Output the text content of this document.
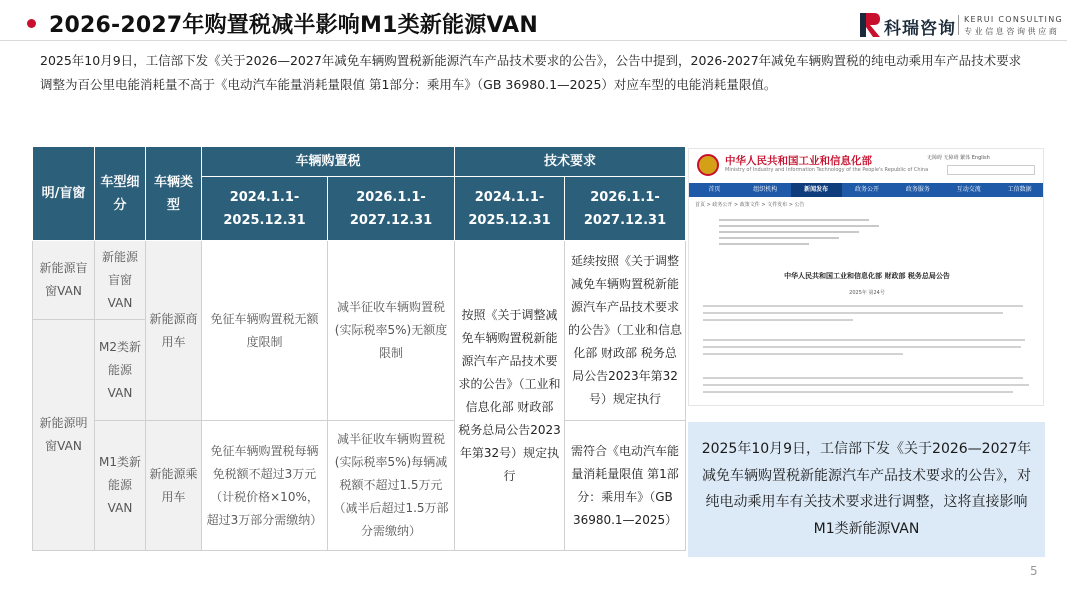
2026-2027年购置税减半影响M1类新能源VAN	科瑞咨询 KERUI CONSULTING
专业信息咨询供应商
2025年10月9日，工信部下发《关于2026—2027年减免车辆购置税新能源汽车产品技术要求的公告》，公告中提到，2026-2027年减免车辆购置税的纯电动乘用车产品技术要求调整为百公里电能消耗量不高于《电动汽车能量消耗量限值 第1部分：乘用车》（GB 36980.1—2025）对应车型的电能消耗量限值。
明/盲窗	车型细分	车辆类型	车辆购置税		技术要求	
			2024.1.1-2025.12.31	2026.1.1-2027.12.31	2024.1.1-2025.12.31	2026.1.1-2027.12.31
新能源盲窗VAN	新能源盲窗VAN	新能源商用车	免征车辆购置税无额度限制	减半征收车辆购置税(实际税率5%)无额度限制	按照《关于调整减免车辆购置税新能源汽车产品技术要求的公告》（工业和信息化部 财政部 税务总局公告2023年第32号）规定执行	延续按照《关于调整减免车辆购置税新能源汽车产品技术要求的公告》（工业和信息化部 财政部 税务总局公告2023年第32号）规定执行
新能源明窗VAN	M2类新能源VAN					
	M1类新能源VAN	新能源乘用车	免征车辆购置税每辆免税额不超过3万元（计税价格×10%，超过3万部分需缴纳）	减半征收车辆购置税(实际税率5%)每辆减税额不超过1.5万元（减半后超过1.5万部分需缴纳）		需符合《电动汽车能量消耗量限值 第1部分：乘用车》（GB 36980.1—2025）
中华人民共和国工业和信息化部
Ministry of Industry and Information Technology of the People's Republic of China
无障碍 无障碍 繁体 English
首页	组织机构	新闻发布	政务公开	政务服务	互动交流	工信数据
首页 > 政务公开 > 政策文件 > 文件发布 > 公告
中华人民共和国工业和信息化部 财政部 税务总局公告
2025年 第24号
2025年10月9日，工信部下发《关于2026—2027年减免车辆购置税新能源汽车产品技术要求的公告》，对纯电动乘用车有关技术要求进行调整，这将直接影响M1类新能源VAN
5
